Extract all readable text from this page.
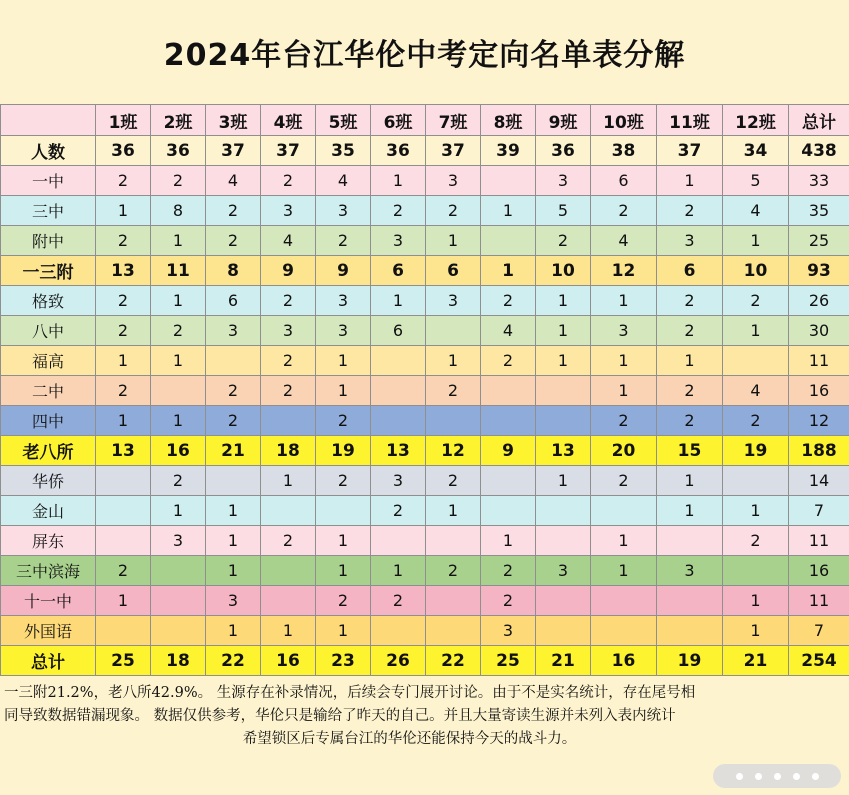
2024年台江华伦中考定向名单表分解
	1班	2班	3班	4班	5班	6班	7班	8班	9班	10班	11班	12班	总计
人数	36	36	37	37	35	36	37	39	36	38	37	34	438
一中	2	2	4	2	4	1	3		3	6	1	5	33
三中	1	8	2	3	3	2	2	1	5	2	2	4	35
附中	2	1	2	4	2	3	1		2	4	3	1	25
一三附	13	11	8	9	9	6	6	1	10	12	6	10	93
格致	2	1	6	2	3	1	3	2	1	1	2	2	26
八中	2	2	3	3	3	6		4	1	3	2	1	30
福高	1	1		2	1		1	2	1	1	1		11
二中	2		2	2	1		2			1	2	4	16
四中	1	1	2		2					2	2	2	12
老八所	13	16	21	18	19	13	12	9	13	20	15	19	188
华侨		2		1	2	3	2		1	2	1		14
金山		1	1			2	1				1	1	7
屏东		3	1	2	1			1		1		2	11
三中滨海	2		1		1	1	2	2	3	1	3		16
十一中	1		3		2	2		2				1	11
外国语			1	1	1			3				1	7
总计	25	18	22	16	23	26	22	25	21	16	19	21	254
一三附21.2%，老八所42.9%。 生源存在补录情况，后续会专门展开讨论。由于不是实名统计，存在尾号相
同导致数据错漏现象。 数据仅供参考，华伦只是输给了昨天的自己。并且大量寄读生源并未列入表内统计
希望锁区后专属台江的华伦还能保持今天的战斗力。
